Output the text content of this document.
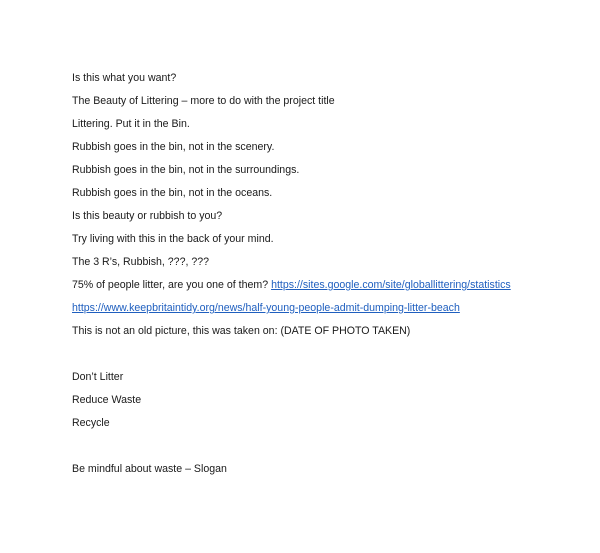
Is this what you want?
The Beauty of Littering – more to do with the project title
Littering. Put it in the Bin.
Rubbish goes in the bin, not in the scenery.
Rubbish goes in the bin, not in the surroundings.
Rubbish goes in the bin, not in the oceans.
Is this beauty or rubbish to you?
Try living with this in the back of your mind.
The 3 R’s, Rubbish, ???, ???
75% of people litter, are you one of them? https://sites.google.com/site/globallittering/statistics
https://www.keepbritaintidy.org/news/half-young-people-admit-dumping-litter-beach
This is not an old picture, this was taken on: (DATE OF PHOTO TAKEN)
Don’t Litter
Reduce Waste
Recycle
Be mindful about waste – Slogan
